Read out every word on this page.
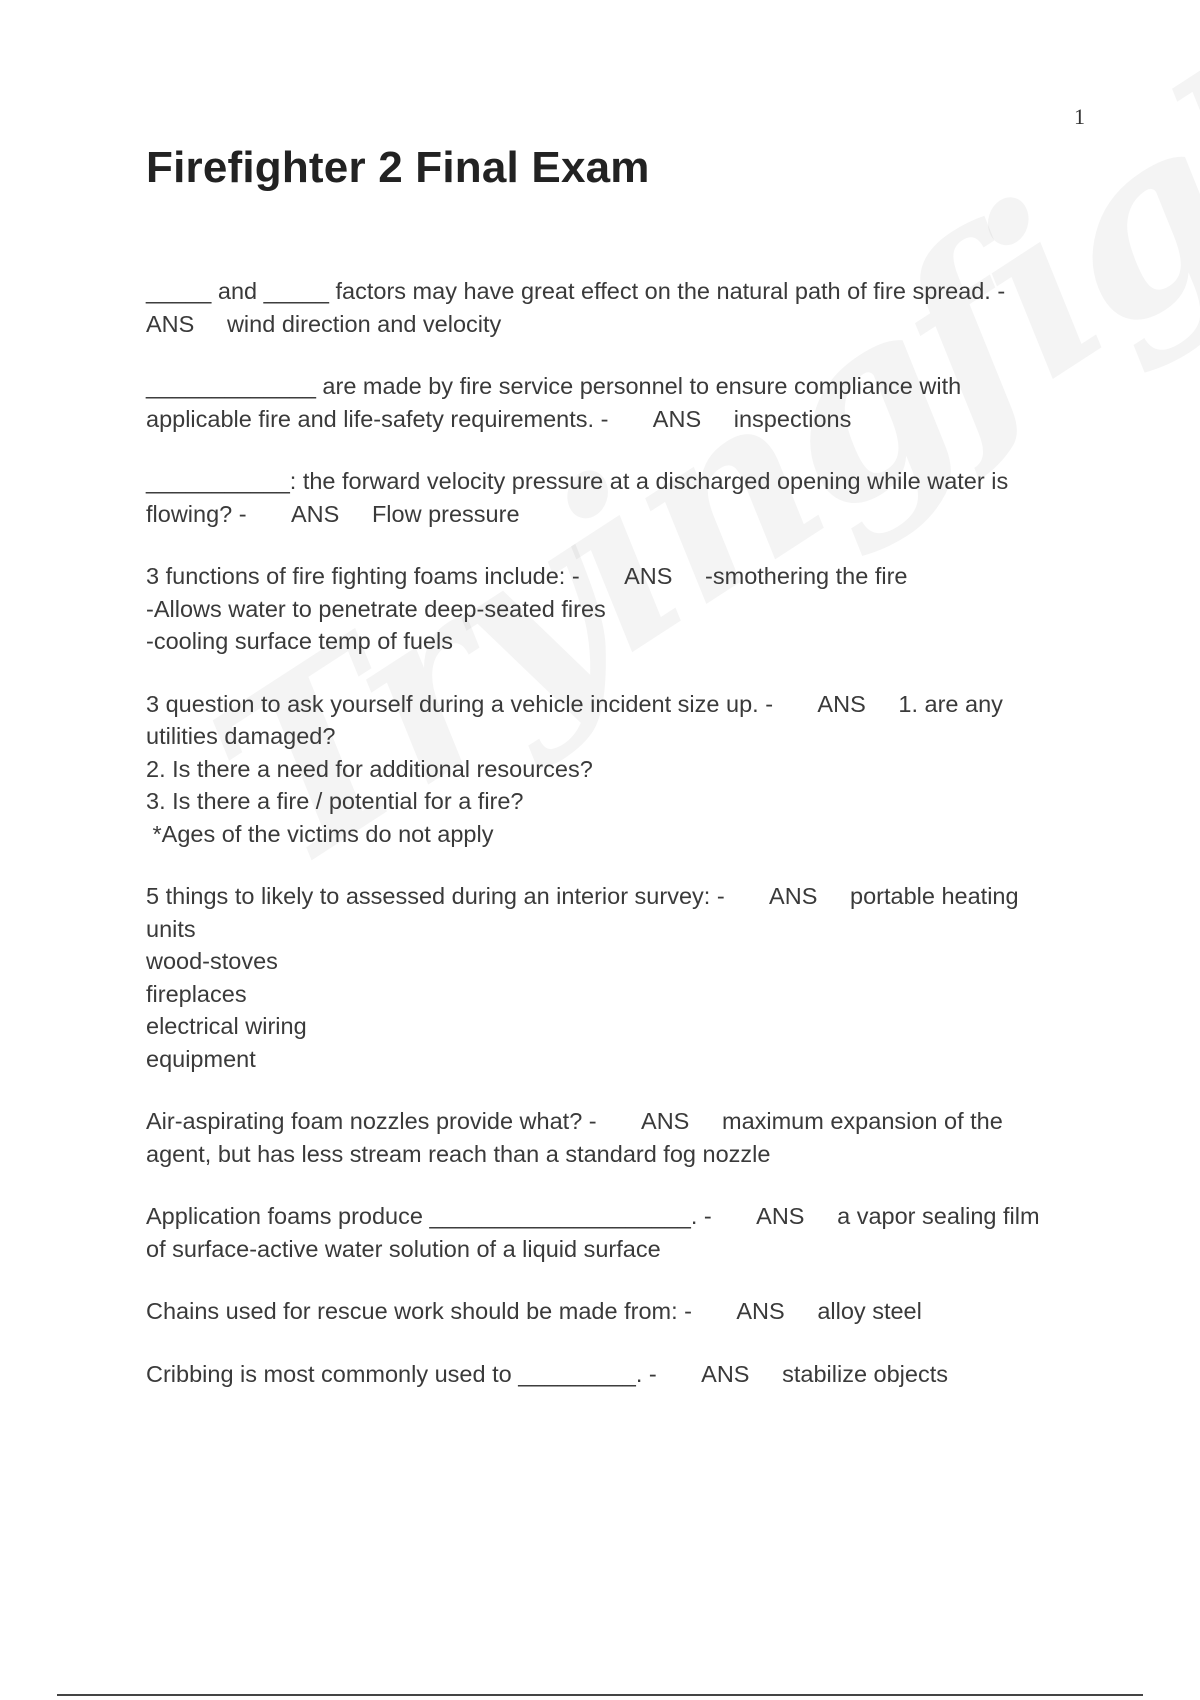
1
Firefighter 2 Final Exam

_____ and _____ factors may have great effect on the natural path of fire spread. -
ANS     wind direction and velocity

_____________ are made by fire service personnel to ensure compliance with
applicable fire and life-safety requirements. -       ANS     inspections

___________: the forward velocity pressure at a discharged opening while water is
flowing? -       ANS     Flow pressure

3 functions of fire fighting foams include: -       ANS     -smothering the fire
-Allows water to penetrate deep-seated fires
-cooling surface temp of fuels

3 question to ask yourself during a vehicle incident size up. -       ANS     1. are any
utilities damaged?
2. Is there a need for additional resources?
3. Is there a fire / potential for a fire?
*Ages of the victims do not apply

5 things to likely to assessed during an interior survey: -       ANS     portable heating
units
wood-stoves
fireplaces
electrical wiring
equipment

Air-aspirating foam nozzles provide what? -       ANS     maximum expansion of the
agent, but has less stream reach than a standard fog nozzle

Application foams produce ____________________. -       ANS     a vapor sealing film
of surface-active water solution of a liquid surface

Chains used for rescue work should be made from: -       ANS     alloy steel

Cribbing is most commonly used to _________. -       ANS     stabilize objects
